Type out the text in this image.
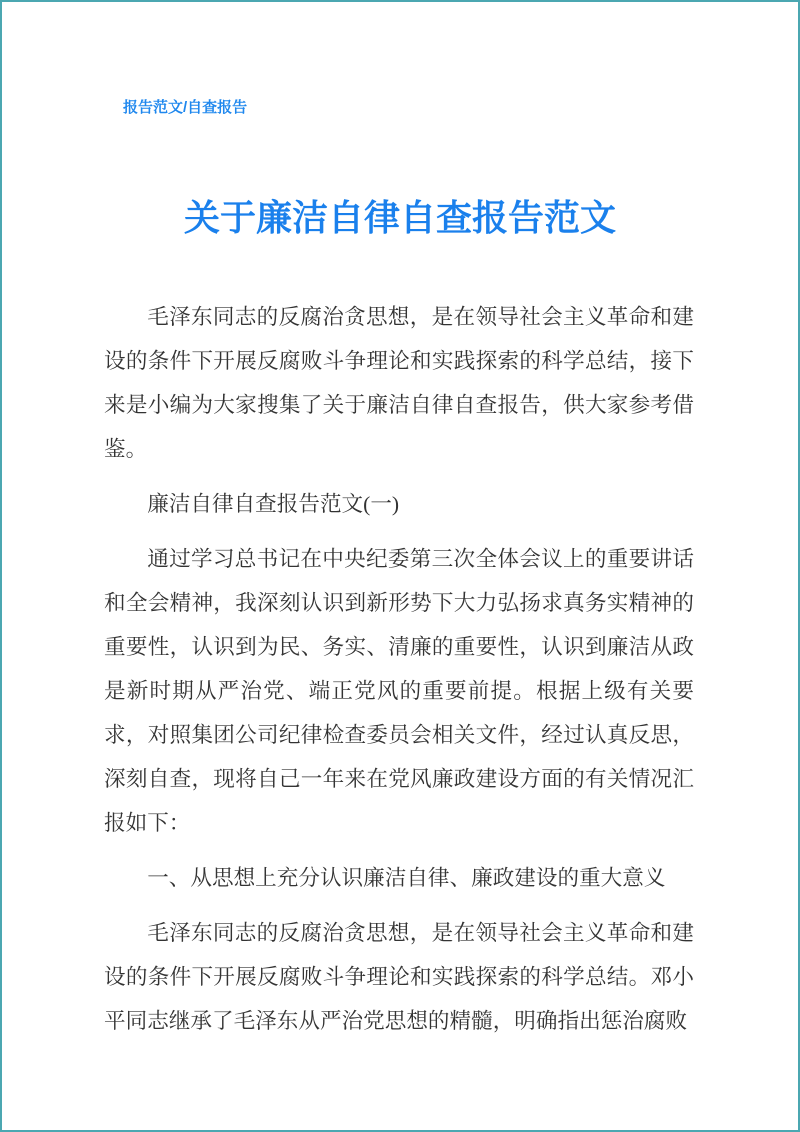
报告范文/自查报告
关于廉洁自律自查报告范文

毛泽东同志的反腐治贪思想，是在领导社会主义革命和建设的条件下开展反腐败斗争理论和实践探索的科学总结，接下来是小编为大家搜集了关于廉洁自律自查报告，供大家参考借鉴。

廉洁自律自查报告范文(一)

通过学习总书记在中央纪委第三次全体会议上的重要讲话和全会精神，我深刻认识到新形势下大力弘扬求真务实精神的重要性，认识到为民、务实、清廉的重要性，认识到廉洁从政是新时期从严治党、端正党风的重要前提。根据上级有关要求，对照集团公司纪律检查委员会相关文件，经过认真反思，深刻自查，现将自己一年来在党风廉政建设方面的有关情况汇报如下：

一、从思想上充分认识廉洁自律、廉政建设的重大意义

毛泽东同志的反腐治贪思想，是在领导社会主义革命和建设的条件下开展反腐败斗争理论和实践探索的科学总结。邓小平同志继承了毛泽东从严治党思想的精髓，明确指出惩治腐败
